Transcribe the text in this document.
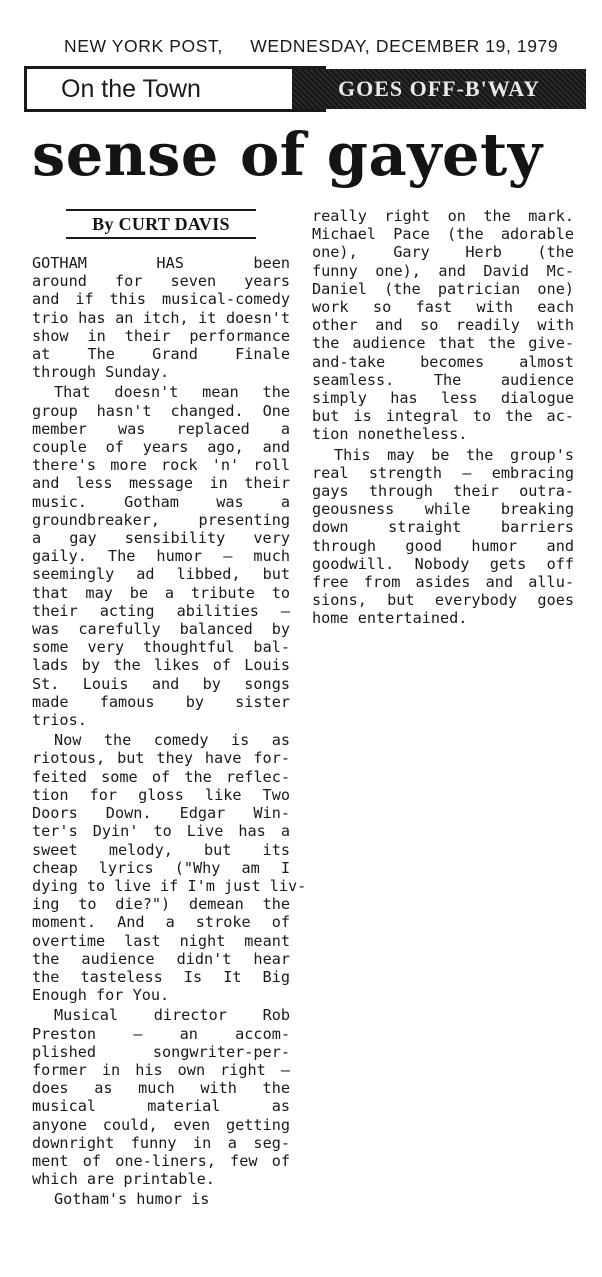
NEW YORK POST, WEDNESDAY, DECEMBER 19, 1979
On the Town	GOES OFF-B'WAY
sense of gayety
By CURT DAVIS
GOTHAM HAS been
around for seven years
and if this musical-comedy
trio has an itch, it doesn't
show in their performance
at The Grand Finale
through Sunday.
That doesn't mean the
group hasn't changed. One
member was replaced a
couple of years ago, and
there's more rock 'n' roll
and less message in their
music. Gotham was a
groundbreaker, presenting
a gay sensibility very
gaily. The humor — much
seemingly ad libbed, but
that may be a tribute to
their acting abilities —
was carefully balanced by
some very thoughtful bal-
lads by the likes of Louis
St. Louis and by songs
made famous by sister
trios.
Now the comedy is as
riotous, but they have for-
feited some of the reflec-
tion for gloss like Two
Doors Down. Edgar Win-
ter's Dyin' to Live has a
sweet melody, but its
cheap lyrics ("Why am I
dying to live if I'm just liv-
ing to die?") demean the
moment. And a stroke of
overtime last night meant
the audience didn't hear
the tasteless Is It Big
Enough for You.
Musical director Rob
Preston — an accom-
plished songwriter-per-
former in his own right —
does as much with the
musical material as
anyone could, even getting
downright funny in a seg-
ment of one-liners, few of
which are printable.
Gotham's humor is
really right on the mark.
Michael Pace (the adorable
one), Gary Herb (the
funny one), and David Mc-
Daniel (the patrician one)
work so fast with each
other and so readily with
the audience that the give-
and-take becomes almost
seamless. The audience
simply has less dialogue
but is integral to the ac-
tion nonetheless.
This may be the group's
real strength — embracing
gays through their outra-
geousness while breaking
down straight barriers
through good humor and
goodwill. Nobody gets off
free from asides and allu-
sions, but everybody goes
home entertained.
